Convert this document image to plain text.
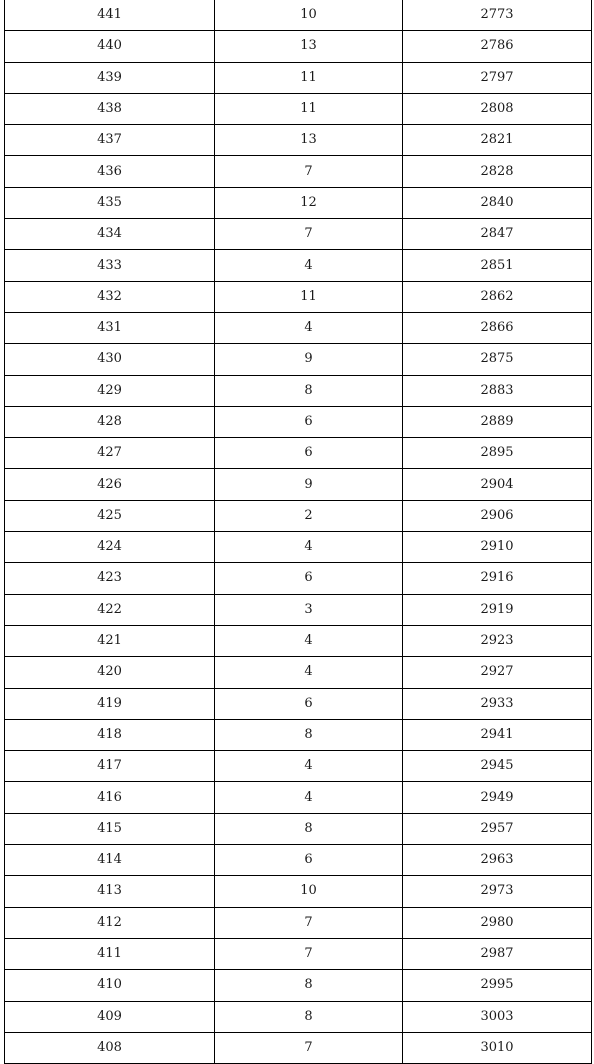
441	10	2773
440	13	2786
439	11	2797
438	11	2808
437	13	2821
436	7	2828
435	12	2840
434	7	2847
433	4	2851
432	11	2862
431	4	2866
430	9	2875
429	8	2883
428	6	2889
427	6	2895
426	9	2904
425	2	2906
424	4	2910
423	6	2916
422	3	2919
421	4	2923
420	4	2927
419	6	2933
418	8	2941
417	4	2945
416	4	2949
415	8	2957
414	6	2963
413	10	2973
412	7	2980
411	7	2987
410	8	2995
409	8	3003
408	7	3010
